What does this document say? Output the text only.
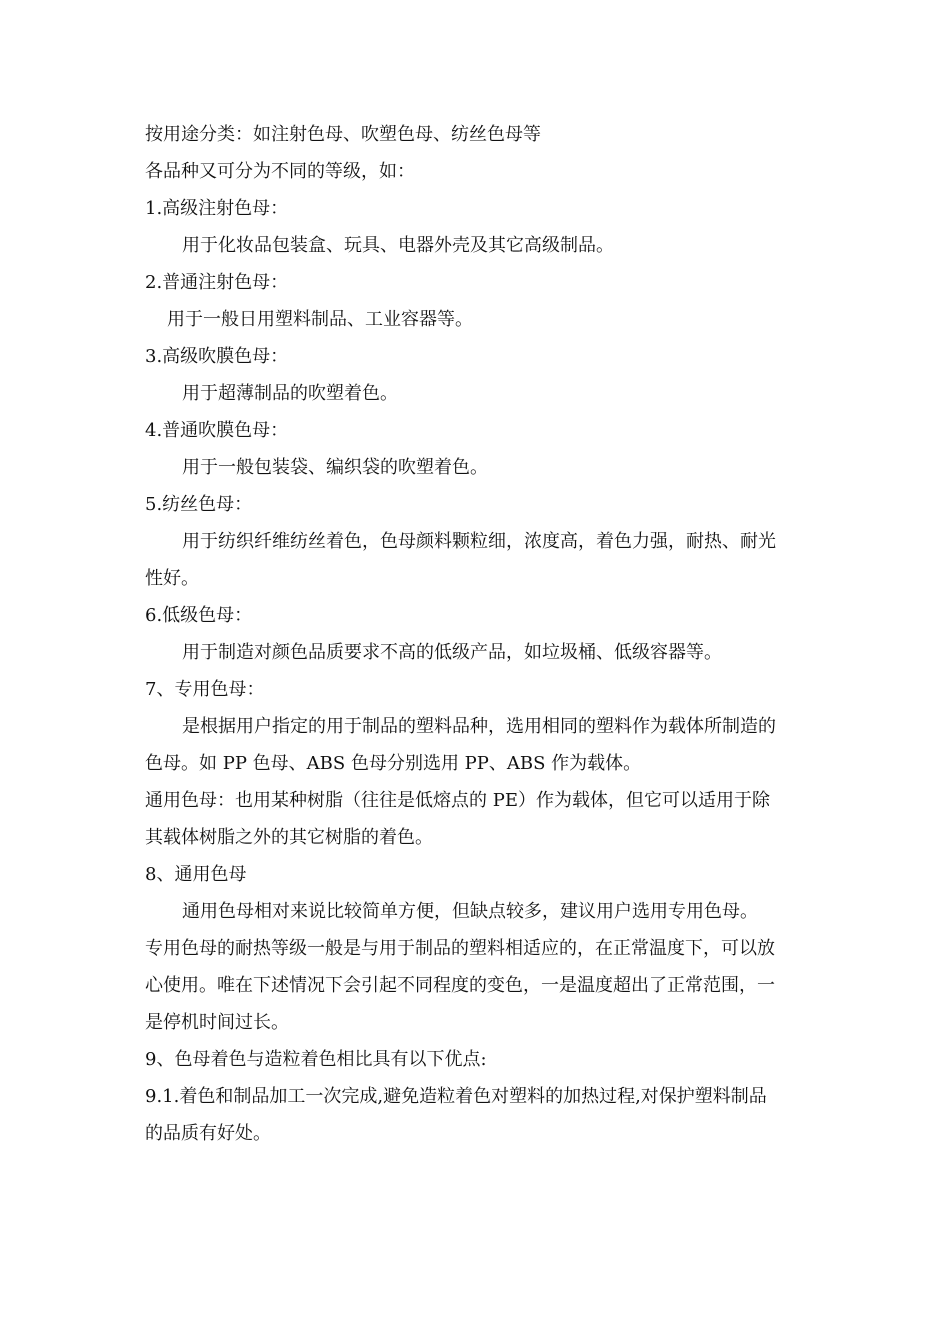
按用途分类：如注射色母、吹塑色母、纺丝色母等
各品种又可分为不同的等级，如：
1.高级注射色母：
用于化妆品包装盒、玩具、电器外壳及其它高级制品。
2.普通注射色母：
用于一般日用塑料制品、工业容器等。
3.高级吹膜色母：
用于超薄制品的吹塑着色。
4.普通吹膜色母：
用于一般包装袋、编织袋的吹塑着色。
5.纺丝色母：
用于纺织纤维纺丝着色，色母颜料颗粒细，浓度高，着色力强，耐热、耐光
性好。
6.低级色母：
用于制造对颜色品质要求不高的低级产品，如垃圾桶、低级容器等。
7、专用色母：
是根据用户指定的用于制品的塑料品种，选用相同的塑料作为载体所制造的
色母。如 PP 色母、ABS 色母分别选用 PP、ABS 作为载体。
通用色母：也用某种树脂（往往是低熔点的 PE）作为载体，但它可以适用于除
其载体树脂之外的其它树脂的着色。
8、通用色母
通用色母相对来说比较简单方便，但缺点较多，建议用户选用专用色母。
专用色母的耐热等级一般是与用于制品的塑料相适应的，在正常温度下，可以放
心使用。唯在下述情况下会引起不同程度的变色，一是温度超出了正常范围，一
是停机时间过长。
9、色母着色与造粒着色相比具有以下优点:
9.1.着色和制品加工一次完成,避免造粒着色对塑料的加热过程,对保护塑料制品
的品质有好处。
